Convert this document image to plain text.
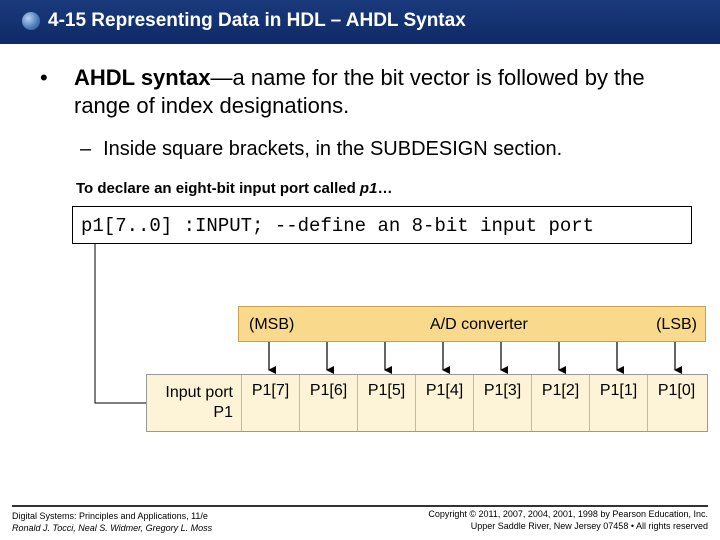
4-15 Representing Data in HDL – AHDL Syntax
• AHDL syntax—a name for the bit vector is followed by the range of index designations.
– Inside square brackets, in the SUBDESIGN section.
To declare an eight-bit input port called p1…
p1[7..0] :INPUT; --define an 8-bit input port
(MSB)	A/D converter	(LSB)
Input port
P1
P1[7]	P1[6]	P1[5]	P1[4]	P1[3]	P1[2]	P1[1]	P1[0]
Digital Systems: Principles and Applications, 11/e
Ronald J. Tocci, Neal S. Widmer, Gregory L. Moss
Copyright © 2011, 2007, 2004, 2001, 1998 by Pearson Education, Inc.
Upper Saddle River, New Jersey 07458 • All rights reserved
